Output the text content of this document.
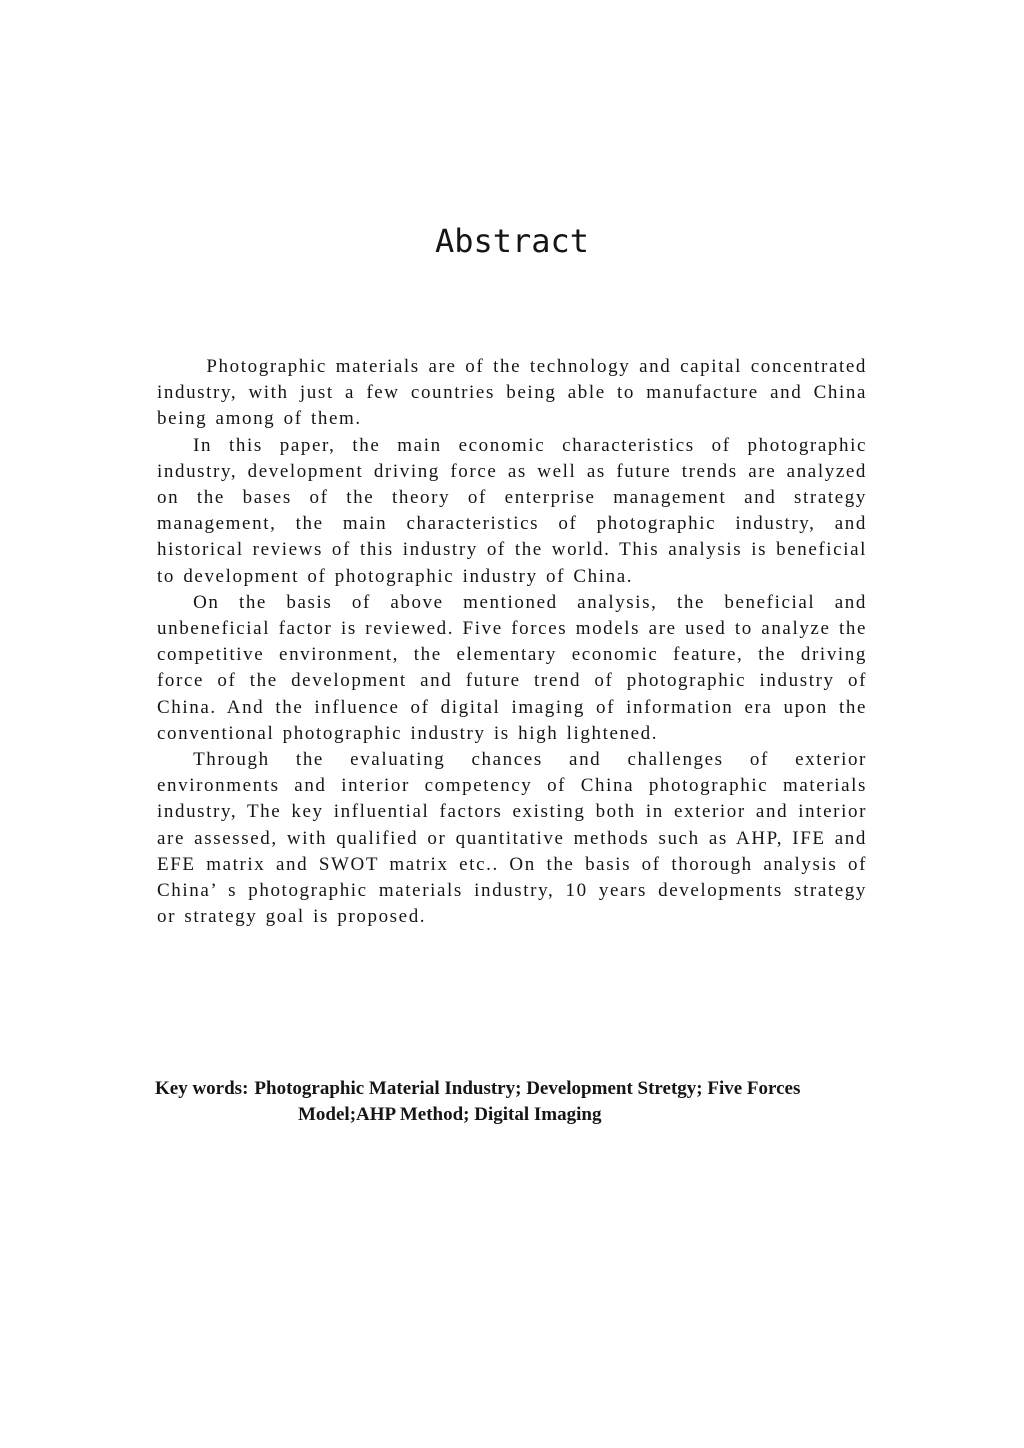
Abstract

Photographic materials are of the technology and capital concentrated industry, with just a few countries being able to manufacture and China being among of them.

In this paper, the main economic characteristics of photographic industry, development driving force as well as future trends are analyzed on the bases of the theory of enterprise management and strategy management, the main characteristics of photographic industry, and historical reviews of this industry of the world. This analysis is beneficial to development of photographic industry of China.

On the basis of above mentioned analysis, the beneficial and unbeneficial factor is reviewed. Five forces models are used to analyze the competitive environment, the elementary economic feature, the driving force of the development and future trend of photographic industry of China. And the influence of digital imaging of information era upon the conventional photographic industry is high lightened.

Through the evaluating chances and challenges of exterior environments and interior competency of China photographic materials industry, The key influential factors existing both in exterior and interior are assessed, with qualified or quantitative methods such as AHP, IFE and EFE matrix and SWOT matrix etc.. On the basis of thorough analysis of China’ s photographic materials industry, 10 years developments strategy or strategy goal is proposed.

Key words: Photographic Material Industry; Development Stretgy; Five Forces
Model;AHP Method; Digital Imaging
